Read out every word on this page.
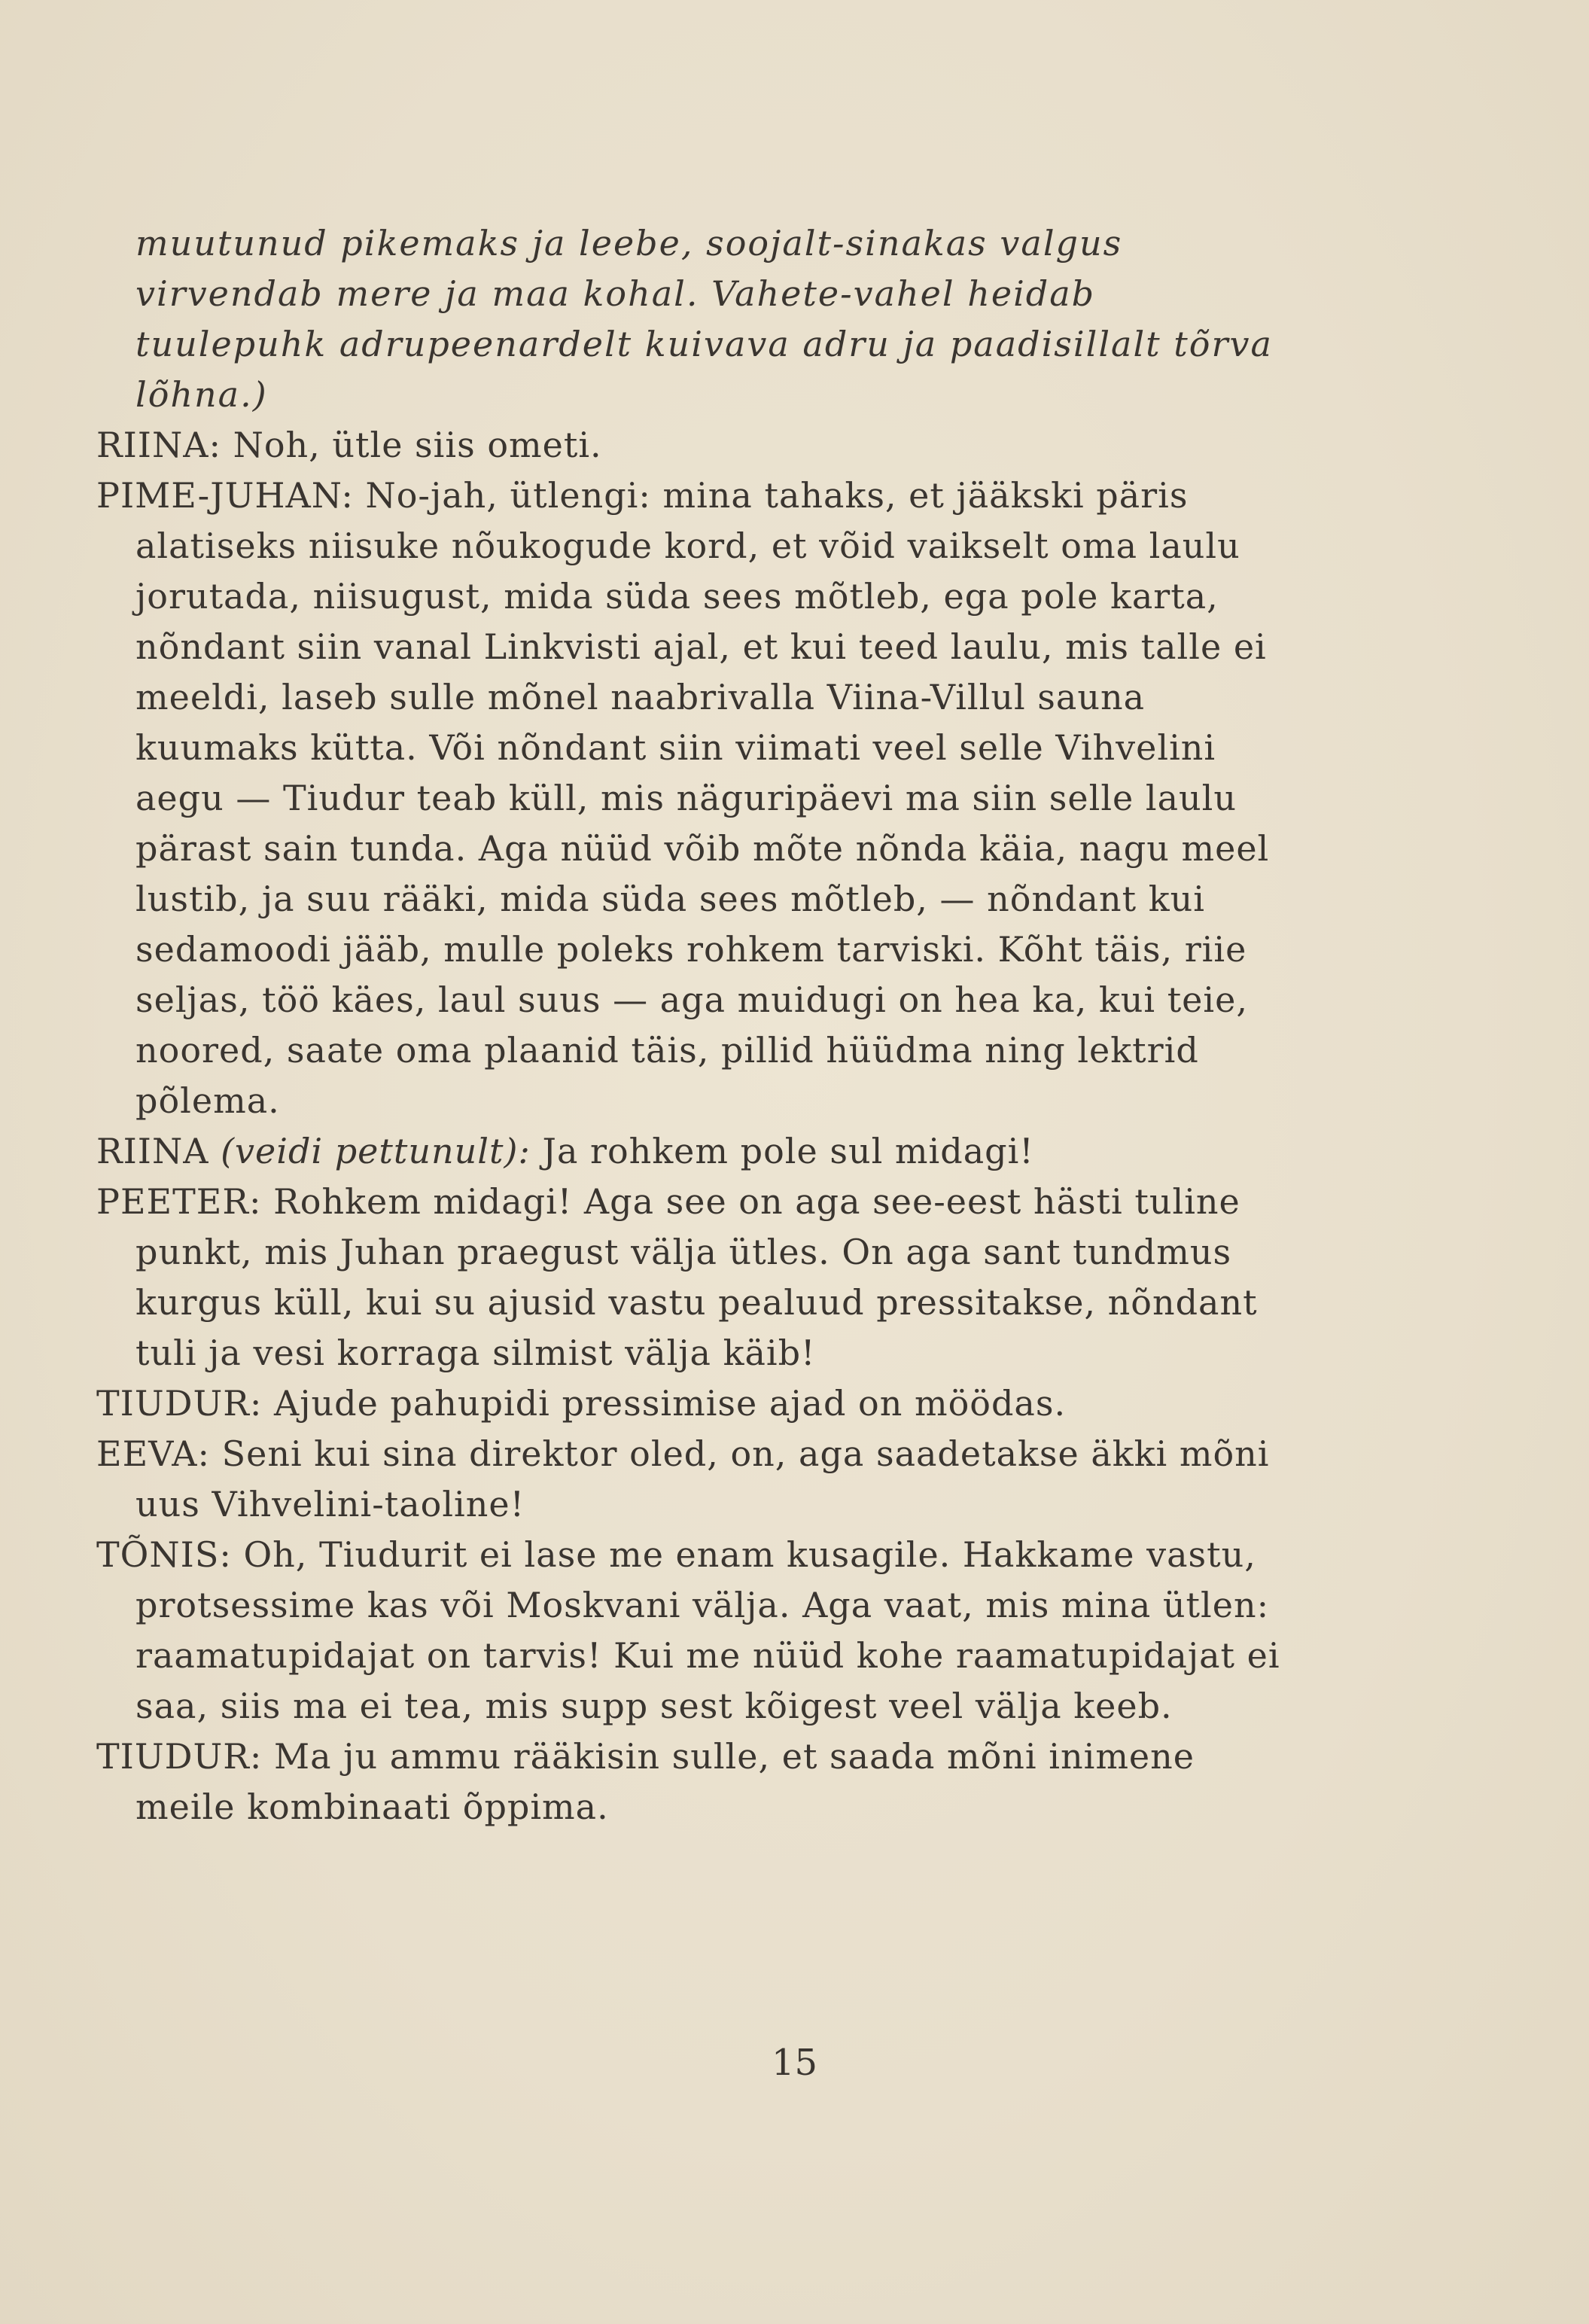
muutunud pikemaks ja leebe, soojalt-sinakas valgus virvendab mere ja maa kohal. Vahete-vahel heidab tuulepuhk adrupeenardelt kuivava adru ja paadisillalt tõrva lõhna.)

RIINA: Noh, ütle siis ometi.

PIME-JUHAN: No-jah, ütlengi: mina tahaks, et jääkski päris alatiseks niisuke nõukogude kord, et võid vaikselt oma laulu jorutada, niisugust, mida süda sees mõtleb, ega pole karta, nõndant siin vanal Linkvisti ajal, et kui teed laulu, mis talle ei meeldi, laseb sulle mõnel naabrivalla Viina-Villul sauna kuumaks kütta. Või nõndant siin viimati veel selle Vihvelini aegu — Tiudur teab küll, mis näguripäevi ma siin selle laulu pärast sain tunda. Aga nüüd võib mõte nõnda käia, nagu meel lustib, ja suu rääki, mida süda sees mõtleb, — nõndant kui sedamoodi jääb, mulle poleks rohkem tarviski. Kõht täis, riie seljas, töö käes, laul suus — aga muidugi on hea ka, kui teie, noored, saate oma plaanid täis, pillid hüüdma ning lektrid põlema.

RIINA (veidi pettunult): Ja rohkem pole sul midagi!

PEETER: Rohkem midagi! Aga see on aga see-eest hästi tuline punkt, mis Juhan praegust välja ütles. On aga sant tundmus kurgus küll, kui su ajusid vastu pealuud pressitakse, nõndant tuli ja vesi korraga silmist välja käib!

TIUDUR: Ajude pahupidi pressimise ajad on möödas.

EEVA: Seni kui sina direktor oled, on, aga saadetakse äkki mõni uus Vihvelini-taoline!

TÕNIS: Oh, Tiudurit ei lase me enam kusagile. Hakkame vastu, protsessime kas või Moskvani välja. Aga vaat, mis mina ütlen: raamatupidajat on tarvis! Kui me nüüd kohe raamatupidajat ei saa, siis ma ei tea, mis supp sest kõigest veel välja keeb.

TIUDUR: Ma ju ammu rääkisin sulle, et saada mõni inimene meile kombinaati õppima.

15
